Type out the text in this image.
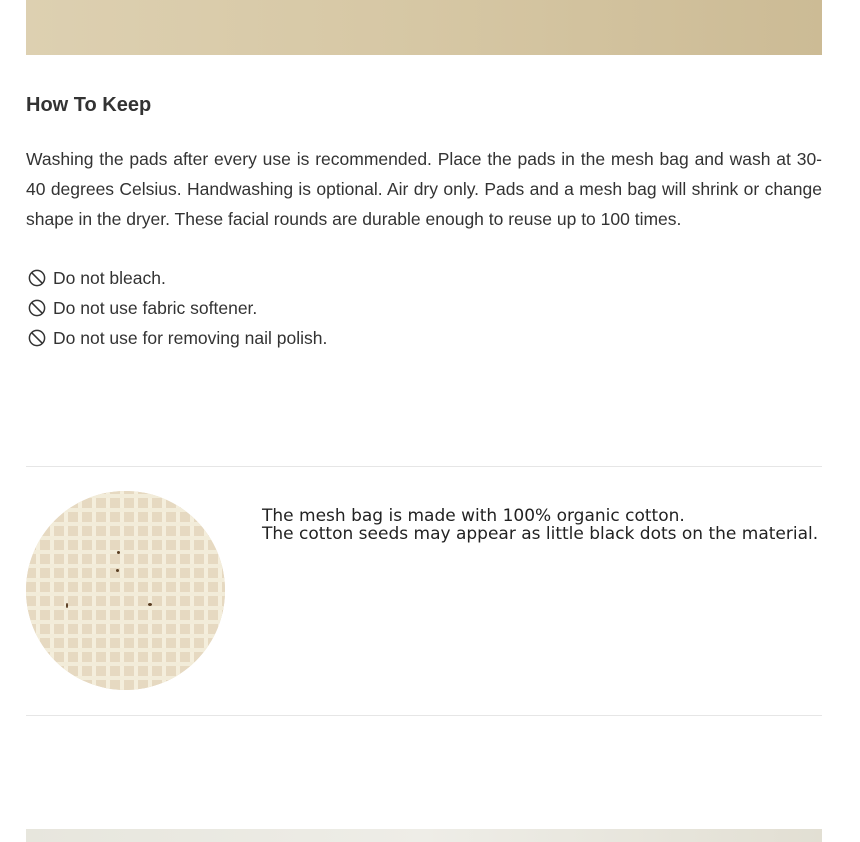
How To Keep

Washing the pads after every use is recommended. Place the pads in the mesh bag and wash at 30-40 degrees Celsius. Handwashing is optional. Air dry only. Pads and a mesh bag will shrink or change shape in the dryer. These facial rounds are durable enough to reuse up to 100 times.

Do not bleach.
Do not use fabric softener.
Do not use for removing nail polish.

The mesh bag is made with 100% organic cotton.
The cotton seeds may appear as little black dots on the material.
